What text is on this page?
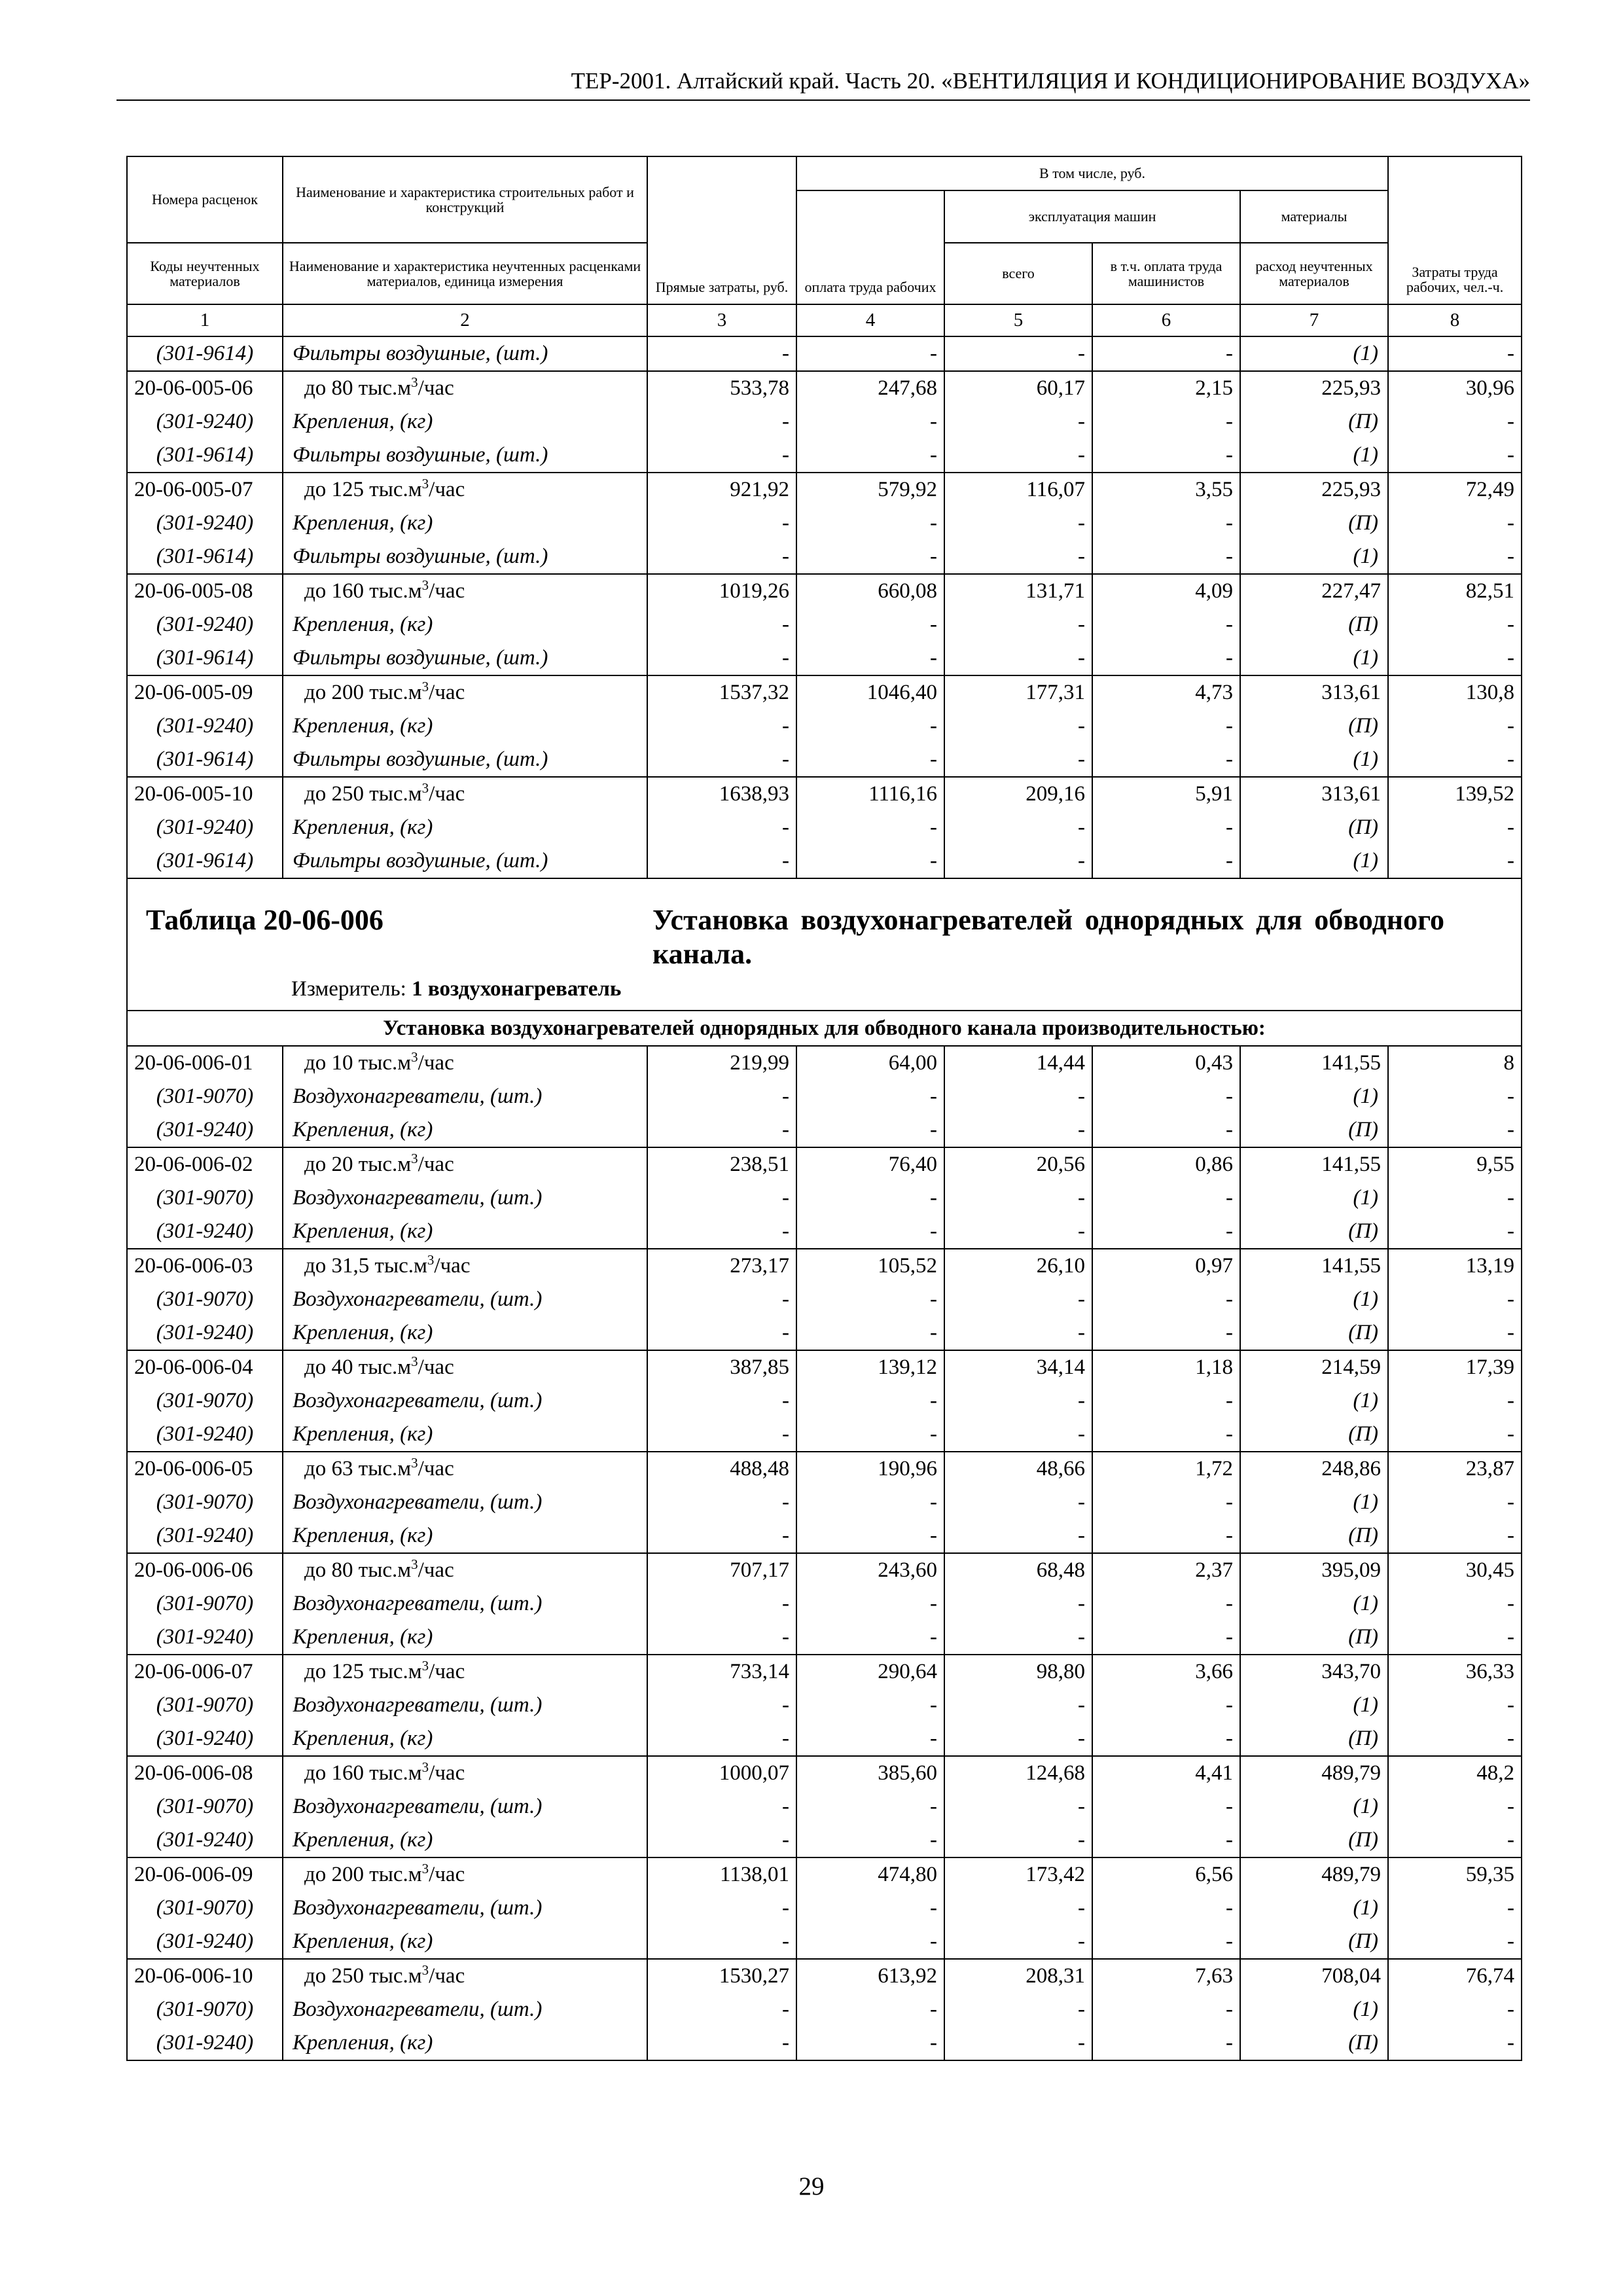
ТЕР-2001. Алтайский край. Часть 20. «ВЕНТИЛЯЦИЯ И КОНДИЦИОНИРОВАНИЕ ВОЗДУХА»
Номера расценок	Наименование и характеристика строительных работ и конструкций	Прямые затраты, руб.	В том числе, руб.				Затраты труда рабочих, чел.-ч.
			оплата труда рабочих	эксплуатация машин		материалы	

Коды неучтенных материалов	Наименование и характеристика неучтенных расценками материалов, единица измерения			всего	в т.ч. оплата труда машинистов	расход неучтенных материалов	

1	2	3	4	5	6	7	8
(301-9614)	Фильтры воздушные, (шт.)	-	-	-	-	(1)	-
20-06-005-06	до 80 $тыс.м^3$/час	533,78	247,68	60,17	2,15	225,93	30,96
(301-9240)	Крепления, (кг)	-	-	-	-	(П)	-
(301-9614)	Фильтры воздушные, (шт.)	-	-	-	-	(1)	-
20-06-005-07	до 125 $тыс.м^3$/час	921,92	579,92	116,07	3,55	225,93	72,49
(301-9240)	Крепления, (кг)	-	-	-	-	(П)	-
(301-9614)	Фильтры воздушные, (шт.)	-	-	-	-	(1)	-
20-06-005-08	до 160 $тыс.м^3$/час	1019,26	660,08	131,71	4,09	227,47	82,51
(301-9240)	Крепления, (кг)	-	-	-	-	(П)	-
(301-9614)	Фильтры воздушные, (шт.)	-	-	-	-	(1)	-
20-06-005-09	до 200 $тыс.м^3$/час	1537,32	1046,40	177,31	4,73	313,61	130,8
(301-9240)	Крепления, (кг)	-	-	-	-	(П)	-
(301-9614)	Фильтры воздушные, (шт.)	-	-	-	-	(1)	-
20-06-005-10	до 250 $тыс.м^3$/час	1638,93	1116,16	209,16	5,91	313,61	139,52
(301-9240)	Крепления, (кг)	-	-	-	-	(П)	-
(301-9614)	Фильтры воздушные, (шт.)	-	-	-	-	(1)	-

Таблица 20-06-006 Установка воздухонагревателей однорядных для обводного канала.
Измеритель: 1 воздухонагреватель							

Установка воздухонагревателей однорядных для обводного канала производительностью:							
20-06-006-01	до 10 $тыс.м^3$/час	219,99	64,00	14,44	0,43	141,55	8
(301-9070)	Воздухонагреватели, (шт.)	-	-	-	-	(1)	-
(301-9240)	Крепления, (кг)	-	-	-	-	(П)	-
20-06-006-02	до 20 $тыс.м^3$/час	238,51	76,40	20,56	0,86	141,55	9,55
(301-9070)	Воздухонагреватели, (шт.)	-	-	-	-	(1)	-
(301-9240)	Крепления, (кг)	-	-	-	-	(П)	-
20-06-006-03	до 31,5 $тыс.м^3$/час	273,17	105,52	26,10	0,97	141,55	13,19
(301-9070)	Воздухонагреватели, (шт.)	-	-	-	-	(1)	-
(301-9240)	Крепления, (кг)	-	-	-	-	(П)	-
20-06-006-04	до 40 $тыс.м^3$/час	387,85	139,12	34,14	1,18	214,59	17,39
(301-9070)	Воздухонагреватели, (шт.)	-	-	-	-	(1)	-
(301-9240)	Крепления, (кг)	-	-	-	-	(П)	-
20-06-006-05	до 63 $тыс.м^3$/час	488,48	190,96	48,66	1,72	248,86	23,87
(301-9070)	Воздухонагреватели, (шт.)	-	-	-	-	(1)	-
(301-9240)	Крепления, (кг)	-	-	-	-	(П)	-
20-06-006-06	до 80 $тыс.м^3$/час	707,17	243,60	68,48	2,37	395,09	30,45
(301-9070)	Воздухонагреватели, (шт.)	-	-	-	-	(1)	-
(301-9240)	Крепления, (кг)	-	-	-	-	(П)	-
20-06-006-07	до 125 $тыс.м^3$/час	733,14	290,64	98,80	3,66	343,70	36,33
(301-9070)	Воздухонагреватели, (шт.)	-	-	-	-	(1)	-
(301-9240)	Крепления, (кг)	-	-	-	-	(П)	-
20-06-006-08	до 160 $тыс.м^3$/час	1000,07	385,60	124,68	4,41	489,79	48,2
(301-9070)	Воздухонагреватели, (шт.)	-	-	-	-	(1)	-
(301-9240)	Крепления, (кг)	-	-	-	-	(П)	-
20-06-006-09	до 200 $тыс.м^3$/час	1138,01	474,80	173,42	6,56	489,79	59,35
(301-9070)	Воздухонагреватели, (шт.)	-	-	-	-	(1)	-
(301-9240)	Крепления, (кг)	-	-	-	-	(П)	-
20-06-006-10	до 250 $тыс.м^3$/час	1530,27	613,92	208,31	7,63	708,04	76,74
(301-9070)	Воздухонагреватели, (шт.)	-	-	-	-	(1)	-
(301-9240)	Крепления, (кг)	-	-	-	-	(П)	-
29
